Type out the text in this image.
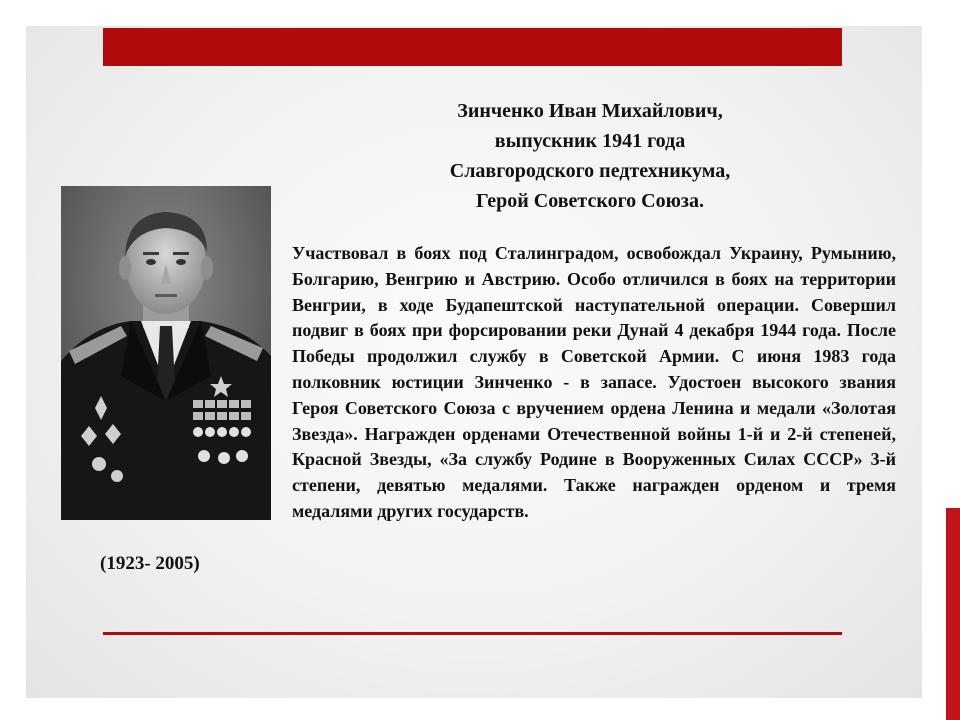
Зинченко Иван Михайлович,
выпускник 1941 года
Славгородского педтехникума,
Герой Советского Союза.
Участвовал в боях под Сталинградом, освобождал Украину, Румынию, Болгарию, Венгрию и Австрию. Особо отличился в боях на территории Венгрии, в ходе Будапештской наступательной операции. Совершил подвиг в боях при форсировании реки Дунай 4 декабря 1944 года. После Победы продолжил службу в Советской Армии. С июня 1983 года полковник юстиции Зинченко - в запасе. Удостоен высокого звания Героя Советского Союза с вручением ордена Ленина и медали «Золотая Звезда». Награжден орденами Отечественной войны 1-й и 2-й степеней, Красной Звезды, «За службу Родине в Вооруженных Силах СССР» 3-й степени, девятью медалями. Также награжден орденом и тремя медалями других государств.
(1923- 2005)
